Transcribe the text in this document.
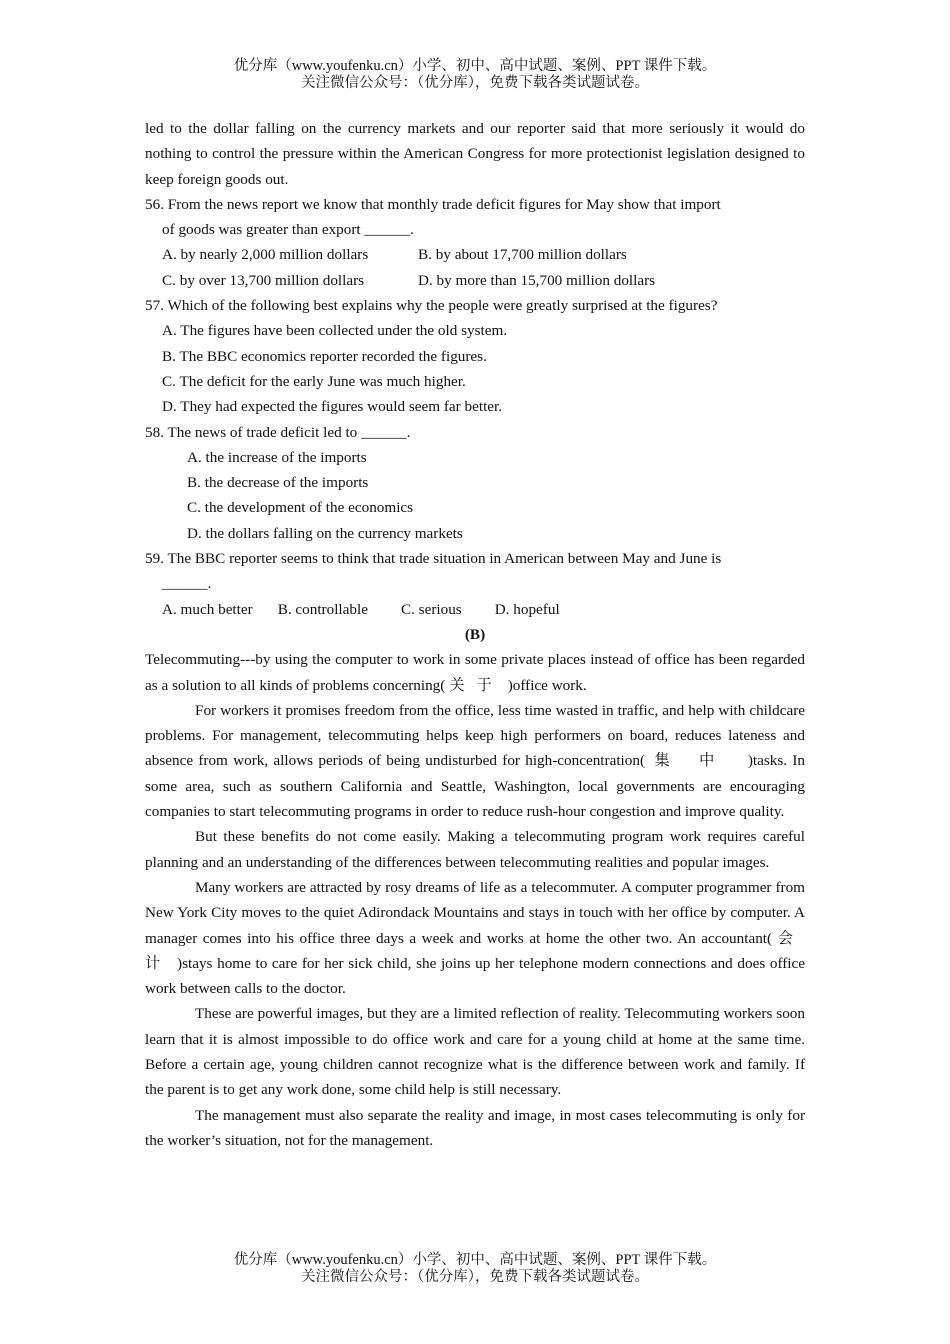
优分库（www.youfenku.cn）小学、初中、高中试题、案例、PPT 课件下载。
关注微信公众号：（优分库），免费下载各类试题试卷。

led to the dollar falling on the currency markets and our reporter said that more seriously it would do nothing to control the pressure within the American Congress for more protectionist legislation designed to keep foreign goods out.

56. From the news report we know that monthly trade deficit figures for May show that import

of goods was greater than export ______.

A. by nearly 2,000 million dollars	B. by about 17,700 million dollars
C. by over 13,700 million dollars	D. by more than 15,700 million dollars

57. Which of the following best explains why the people were greatly surprised at the figures?

A. The figures have been collected under the old system.

B. The BBC economics reporter recorded the figures.

C. The deficit for the early June was much higher.

D. They had expected the figures would seem far better.

58. The news of trade deficit led to ______.

A. the increase of the imports

B. the decrease of the imports

C. the development of the economics

D. the dollars falling on the currency markets

59. The BBC reporter seems to think that trade situation in American between May and June is

______.

A. much better B. controllable C. serious D. hopeful

(B)

Telecommuting---by using the computer to work in some private places instead of office has been regarded as a solution to all kinds of problems concerning( 关于 )office work.

For workers it promises freedom from the office, less time wasted in traffic, and help with childcare problems. For management, telecommuting helps keep high performers on board, reduces lateness and absence from work, allows periods of being undisturbed for high-concentration( 集中 )tasks. In some area, such as southern California and Seattle, Washington, local governments are encouraging companies to start telecommuting programs in order to reduce rush-hour congestion and improve quality.

But these benefits do not come easily. Making a telecommuting program work requires careful planning and an understanding of the differences between telecommuting realities and popular images.

Many workers are attracted by rosy dreams of life as a telecommuter. A computer programmer from New York City moves to the quiet Adirondack Mountains and stays in touch with her office by computer. A manager comes into his office three days a week and works at home the other two. An accountant( 会计 )stays home to care for her sick child, she joins up her telephone modern connections and does office work between calls to the doctor.

These are powerful images, but they are a limited reflection of reality. Telecommuting workers soon learn that it is almost impossible to do office work and care for a young child at home at the same time. Before a certain age, young children cannot recognize what is the difference between work and family. If the parent is to get any work done, some child help is still necessary.

The management must also separate the reality and image, in most cases telecommuting is only for the worker’s situation, not for the management.

优分库（www.youfenku.cn）小学、初中、高中试题、案例、PPT 课件下载。
关注微信公众号：（优分库），免费下载各类试题试卷。
